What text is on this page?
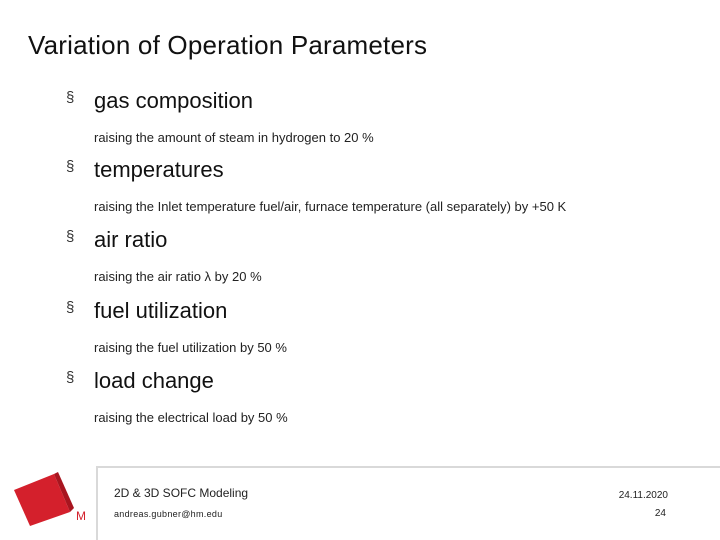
Variation of Operation Parameters
§ gas composition
raising the amount of steam in hydrogen to 20 %
§ temperatures
raising the Inlet temperature fuel/air, furnace temperature (all separately) by +50 K
§ air ratio
raising the air ratio λ by 20 %
§ fuel utilization
raising the fuel utilization by 50 %
§ load change
raising the electrical load by 50 %
M
2D & 3D SOFC Modeling
andreas.gubner@hm.edu
24.11.2020
24
